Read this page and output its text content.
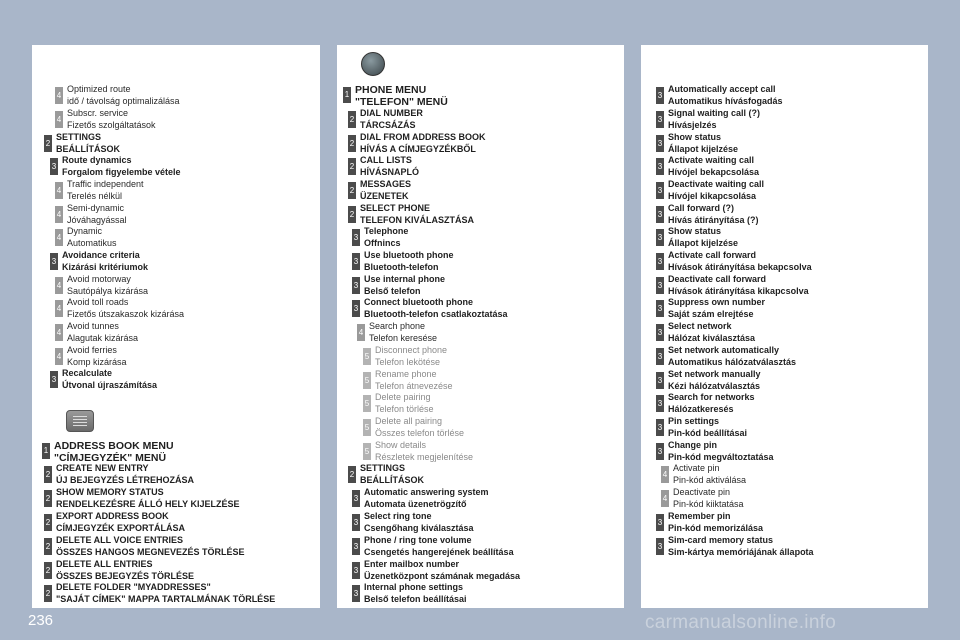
236	carmanualsonline.info
4
Optimized route
idő / távolság optimalizálása
4
Subscr. service
Fizetős szolgáltatások
2
SETTINGS
BEÁLLÍTÁSOK
3
Route dynamics
Forgalom figyelembe vétele
4
Traffic independent
Terelés nélkül
4
Semi-dynamic
Jóváhagyással
4
Dynamic
Automatikus
3
Avoidance criteria
Kizárási kritériumok
4
Avoid motorway
Sautópálya kizárása
4
Avoid toll roads
Fizetős útszakaszok kizárása
4
Avoid tunnes
Alagutak kizárása
4
Avoid ferries
Komp kizárása
3
Recalculate
Útvonal újraszámítása
1 ADDRESS BOOK MENU
"CÍMJEGYZÉK" MENÜ
2
CREATE NEW ENTRY
ÚJ BEJEGYZÉS LÉTREHOZÁSA
2
SHOW MEMORY STATUS
RENDELKEZÉSRE ÁLLÓ HELY KIJELZÉSE
2
EXPORT ADDRESS BOOK
CÍMJEGYZÉK EXPORTÁLÁSA
2
DELETE ALL VOICE ENTRIES
ÖSSZES HANGOS MEGNEVEZÉS TÖRLÉSE
2
DELETE ALL ENTRIES
ÖSSZES BEJEGYZÉS TÖRLÉSE
2
DELETE FOLDER "MYADDRESSES"
"SAJÁT CÍMEK" MAPPA TARTALMÁNAK TÖRLÉSE
1 PHONE MENU
"TELEFON" MENÜ
2
DIAL NUMBER
TÁRCSÁZÁS
2
DIAL FROM ADDRESS BOOK
HÍVÁS A CÍMJEGYZÉKBŐL
2
CALL LISTS
HÍVÁSNAPLÓ
2
MESSAGES
ÜZENETEK
2
SELECT PHONE
TELEFON KIVÁLASZTÁSA
3
Telephone
Offnincs
3
Use bluetooth phone
Bluetooth-telefon
3
Use internal phone
Belső telefon
3
Connect bluetooth phone
Bluetooth-telefon csatlakoztatása
4
Search phone
Telefon keresése
5
Disconnect phone
Telefon lekötése
5
Rename phone
Telefon átnevezése
5
Delete pairing
Telefon törlése
5
Delete all pairing
Összes telefon törlése
5
Show details
Részletek megjelenítése
2
SETTINGS
BEÁLLÍTÁSOK
3
Automatic answering system
Automata üzenetrögzítő
3
Select ring tone
Csengőhang kiválasztása
3
Phone / ring tone volume
Csengetés hangerejének beállítása
3
Enter mailbox number
Üzenetközpont számának megadása
3
Internal phone settings
Belső telefon beállításai
3
Automatically accept call
Automatikus hívásfogadás
3
Signal waiting call (?)
Hívásjelzés
3
Show status
Állapot kijelzése
3
Activate waiting call
Hívójel bekapcsolása
3
Deactivate waiting call
Hívójel kikapcsolása
3
Call forward (?)
Hívás átirányítása (?)
3
Show status
Állapot kijelzése
3
Activate call forward
Hívások átirányítása bekapcsolva
3
Deactivate call forward
Hívások átirányítása kikapcsolva
3
Suppress own number
Saját szám elrejtése
3
Select network
Hálózat kiválasztása
3
Set network automatically
Automatikus hálózatválasztás
3
Set network manually
Kézi hálózatválasztás
3
Search for networks
Hálózatkeresés
3
Pin settings
Pin-kód beállításai
3
Change pin
Pin-kód megváltoztatása
4
Activate pin
Pin-kód aktiválása
4
Deactivate pin
Pin-kód kiiktatása
3
Remember pin
Pin-kód memorizálása
3
Sim-card memory status
Sim-kártya memóriájának állapota
